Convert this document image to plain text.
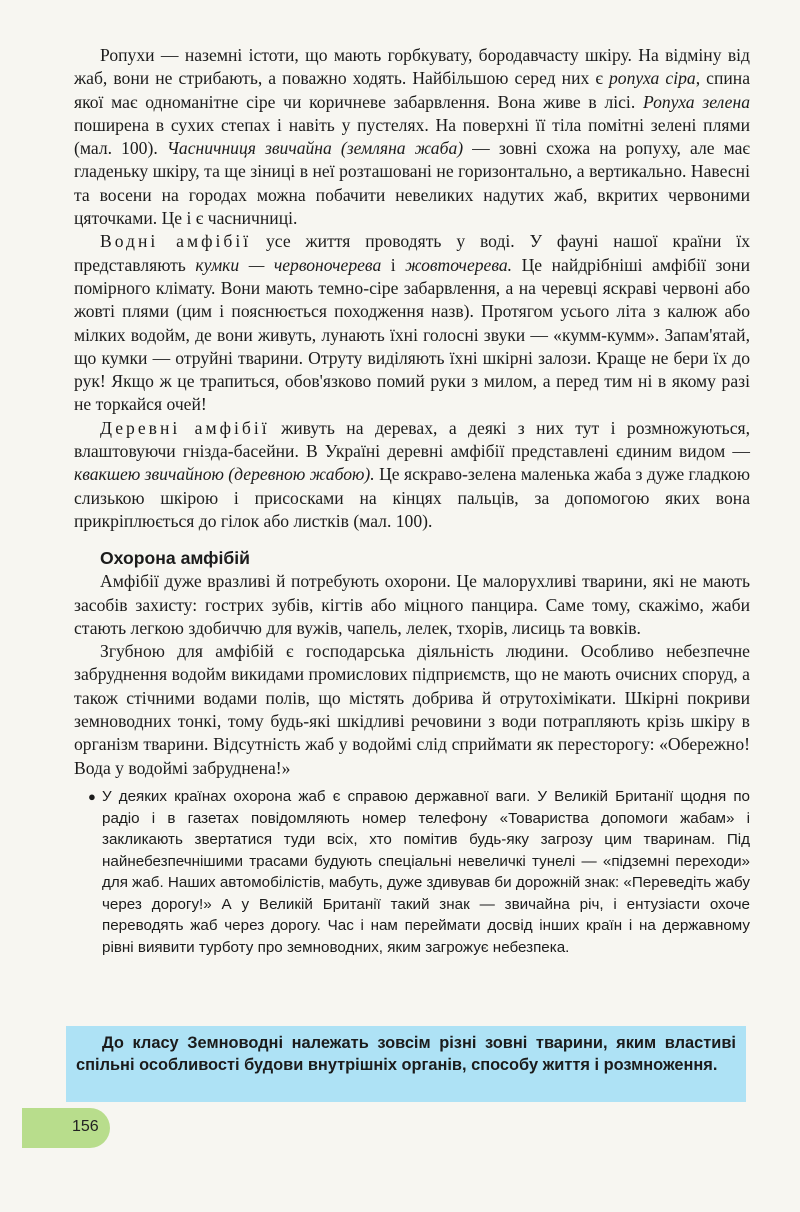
Ропухи — наземні істоти, що мають горбкувату, бородавчасту шкіру. На відміну від жаб, вони не стрибають, а поважно ходять. Найбільшою серед них є ропуха сіра, спина якої має одноманітне сіре чи коричневе забарвлення. Вона живе в лісі. Ропуха зелена поширена в сухих степах і навіть у пустелях. На поверхні її тіла помітні зелені плями (мал. 100). Часничниця звичайна (земляна жаба) — зовні схожа на ропуху, але має гладеньку шкіру, та ще зіниці в неї розташовані не горизонтально, а вертикально. Навесні та восени на городах можна побачити невеликих надутих жаб, вкритих червоними цяточками. Це і є часничниці.

Водні амфібії усе життя проводять у воді. У фауні нашої країни їх представляють кумки — червоночерева і жовточерева. Це найдрібніші амфібії зони помірного клімату. Вони мають темно-сіре забарвлення, а на черевці яскраві червоні або жовті плями (цим і пояснюється походження назв). Протягом усього літа з калюж або мілких водойм, де вони живуть, лунають їхні голосні звуки — «кумм-кумм». Запам'ятай, що кумки — отруйні тварини. Отруту виділяють їхні шкірні залози. Краще не бери їх до рук! Якщо ж це трапиться, обов'язково помий руки з милом, а перед тим ні в якому разі не торкайся очей!

Деревні амфібії живуть на деревах, а деякі з них тут і розмножуються, влаштовуючи гнізда-басейни. В Україні деревні амфібії представлені єдиним видом — квакшею звичайною (деревною жабою). Це яскраво-зелена маленька жаба з дуже гладкою слизькою шкірою і присосками на кінцях пальців, за допомогою яких вона прикріплюється до гілок або листків (мал. 100).

Охорона амфібій

Амфібії дуже вразливі й потребують охорони. Це малорухливі тварини, які не мають засобів захисту: гострих зубів, кігтів або міцного панцира. Саме тому, скажімо, жаби стають легкою здобиччю для вужів, чапель, лелек, тхорів, лисиць та вовків.

Згубною для амфібій є господарська діяльність людини. Особливо небезпечне забруднення водойм викидами промислових підприємств, що не мають очисних споруд, а також стічними водами полів, що містять добрива й отрутохімікати. Шкірні покриви земноводних тонкі, тому будь-які шкідливі речовини з води потрапляють крізь шкіру в організм тварини. Відсутність жаб у водоймі слід сприймати як пересторогу: «Обережно! Вода у водоймі забруднена!»

● У деяких країнах охорона жаб є справою державної ваги. У Великій Британії щодня по радіо і в газетах повідомляють номер телефону «Товариства допомоги жабам» і закликають звертатися туди всіх, хто помітив будь-яку загрозу цим тваринам. Під найнебезпечнішими трасами будують спеціальні невеличкі тунелі — «підземні переходи» для жаб. Наших автомобілістів, мабуть, дуже здивував би дорожній знак: «Переведіть жабу через дорогу!» А у Великій Британії такий знак — звичайна річ, і ентузіасти охоче переводять жаб через дорогу. Час і нам переймати досвід інших країн і на державному рівні виявити турботу про земноводних, яким загрожує небезпека.

До класу Земноводні належать зовсім різні зовні тварини, яким властиві спільні особливості будови внутрішніх органів, способу життя і розмноження.

156
